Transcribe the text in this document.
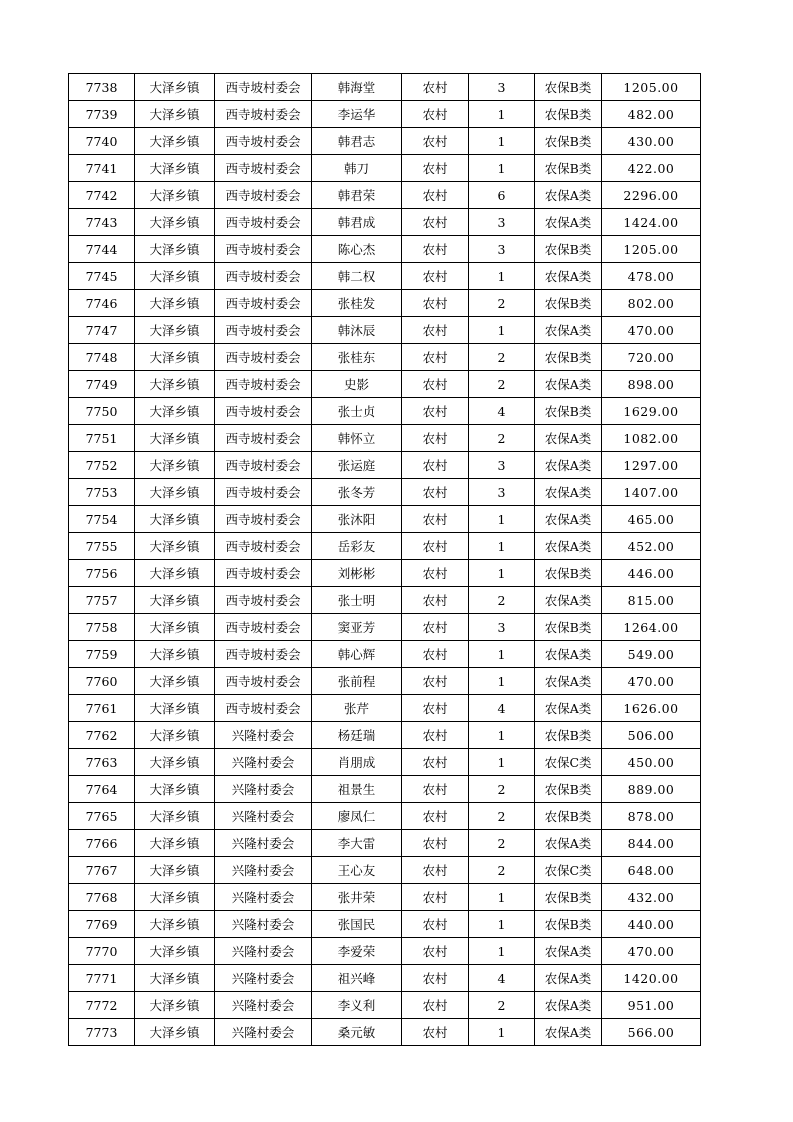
7738	大泽乡镇	西寺坡村委会	韩海堂	农村	3	农保B类	1205.00
7739	大泽乡镇	西寺坡村委会	李运华	农村	1	农保B类	482.00
7740	大泽乡镇	西寺坡村委会	韩君志	农村	1	农保B类	430.00
7741	大泽乡镇	西寺坡村委会	韩刀	农村	1	农保B类	422.00
7742	大泽乡镇	西寺坡村委会	韩君荣	农村	6	农保A类	2296.00
7743	大泽乡镇	西寺坡村委会	韩君成	农村	3	农保A类	1424.00
7744	大泽乡镇	西寺坡村委会	陈心杰	农村	3	农保B类	1205.00
7745	大泽乡镇	西寺坡村委会	韩二权	农村	1	农保A类	478.00
7746	大泽乡镇	西寺坡村委会	张桂发	农村	2	农保B类	802.00
7747	大泽乡镇	西寺坡村委会	韩沐辰	农村	1	农保A类	470.00
7748	大泽乡镇	西寺坡村委会	张桂东	农村	2	农保B类	720.00
7749	大泽乡镇	西寺坡村委会	史影	农村	2	农保A类	898.00
7750	大泽乡镇	西寺坡村委会	张士贞	农村	4	农保B类	1629.00
7751	大泽乡镇	西寺坡村委会	韩怀立	农村	2	农保A类	1082.00
7752	大泽乡镇	西寺坡村委会	张运庭	农村	3	农保A类	1297.00
7753	大泽乡镇	西寺坡村委会	张冬芳	农村	3	农保A类	1407.00
7754	大泽乡镇	西寺坡村委会	张沐阳	农村	1	农保A类	465.00
7755	大泽乡镇	西寺坡村委会	岳彩友	农村	1	农保A类	452.00
7756	大泽乡镇	西寺坡村委会	刘彬彬	农村	1	农保B类	446.00
7757	大泽乡镇	西寺坡村委会	张士明	农村	2	农保A类	815.00
7758	大泽乡镇	西寺坡村委会	窦亚芳	农村	3	农保B类	1264.00
7759	大泽乡镇	西寺坡村委会	韩心辉	农村	1	农保A类	549.00
7760	大泽乡镇	西寺坡村委会	张前程	农村	1	农保A类	470.00
7761	大泽乡镇	西寺坡村委会	张芹	农村	4	农保A类	1626.00
7762	大泽乡镇	兴隆村委会	杨廷瑞	农村	1	农保B类	506.00
7763	大泽乡镇	兴隆村委会	肖朋成	农村	1	农保C类	450.00
7764	大泽乡镇	兴隆村委会	祖景生	农村	2	农保B类	889.00
7765	大泽乡镇	兴隆村委会	廖凤仁	农村	2	农保B类	878.00
7766	大泽乡镇	兴隆村委会	李大雷	农村	2	农保A类	844.00
7767	大泽乡镇	兴隆村委会	王心友	农村	2	农保C类	648.00
7768	大泽乡镇	兴隆村委会	张井荣	农村	1	农保B类	432.00
7769	大泽乡镇	兴隆村委会	张国民	农村	1	农保B类	440.00
7770	大泽乡镇	兴隆村委会	李爱荣	农村	1	农保A类	470.00
7771	大泽乡镇	兴隆村委会	祖兴峰	农村	4	农保A类	1420.00
7772	大泽乡镇	兴隆村委会	李义利	农村	2	农保A类	951.00
7773	大泽乡镇	兴隆村委会	桑元敏	农村	1	农保A类	566.00
